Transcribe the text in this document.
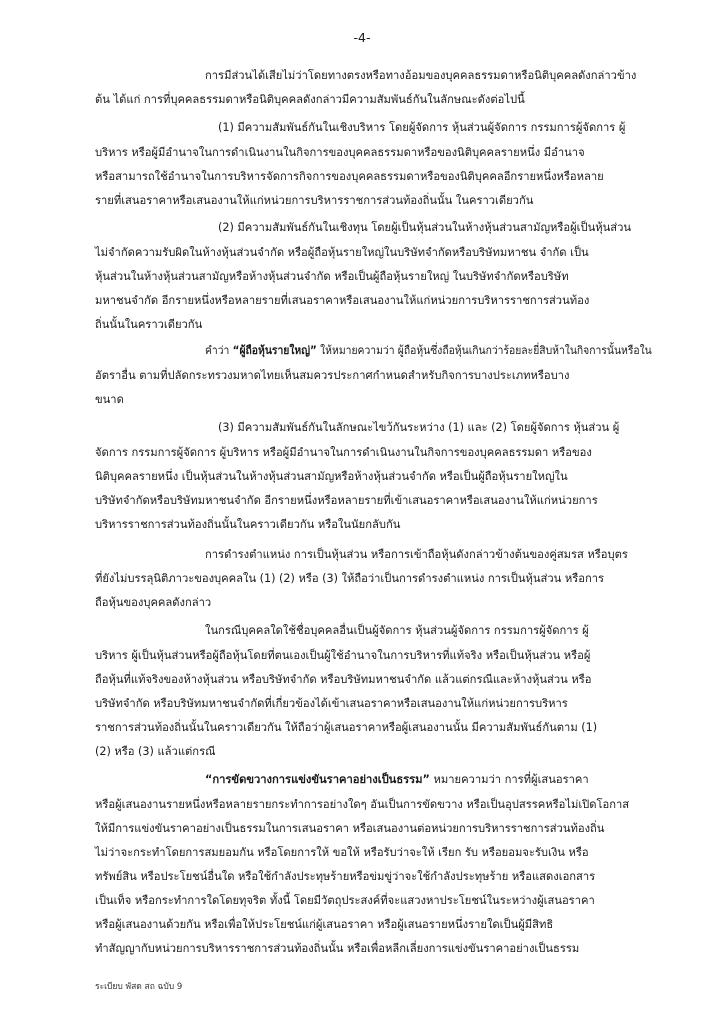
-4-
การมีส่วนได้เสียไม่ว่าโดยทางตรงหรือทางอ้อมของบุคคลธรรมดาหรือนิติบุคคลดังกล่าวข้าง
ต้น ได้แก่ การที่บุคคลธรรมดาหรือนิติบุคคลดังกล่าวมีความสัมพันธ์กันในลักษณะดังต่อไปนี้
(1) มีความสัมพันธ์กันในเชิงบริหาร โดยผู้จัดการ หุ้นส่วนผู้จัดการ กรรมการผู้จัดการ ผู้
บริหาร หรือผู้มีอำนาจในการดำเนินงานในกิจการของบุคคลธรรมดาหรือของนิติบุคคลรายหนึ่ง มีอำนาจ
หรือสามารถใช้อำนาจในการบริหารจัดการกิจการของบุคคลธรรมดาหรือของนิติบุคคลอีกรายหนึ่งหรือหลาย
รายที่เสนอราคาหรือเสนองานให้แก่หน่วยการบริหารราชการส่วนท้องถิ่นนั้น ในคราวเดียวกัน
(2) มีความสัมพันธ์กันในเชิงทุน โดยผู้เป็นหุ้นส่วนในห้างหุ้นส่วนสามัญหรือผู้เป็นหุ้นส่วน
ไม่จำกัดความรับผิดในห้างหุ้นส่วนจำกัด หรือผู้ถือหุ้นรายใหญ่ในบริษัทจำกัดหรือบริษัทมหาชน จำกัด เป็น
หุ้นส่วนในห้างหุ้นส่วนสามัญหรือห้างหุ้นส่วนจำกัด หรือเป็นผู้ถือหุ้นรายใหญ่ ในบริษัทจำกัดหรือบริษัท
มหาชนจำกัด อีกรายหนึ่งหรือหลายรายที่เสนอราคาหรือเสนองานให้แก่หน่วยการบริหารราชการส่วนท้อง
ถิ่นนั้นในคราวเดียวกัน
คำว่า “ผู้ถือหุ้นรายใหญ่” ให้หมายความว่า ผู้ถือหุ้นซึ่งถือหุ้นเกินกว่าร้อยละยี่สิบห้าในกิจการนั้นหรือใน
อัตราอื่น ตามที่ปลัดกระทรวงมหาดไทยเห็นสมควรประกาศกำหนดสำหรับกิจการบางประเภทหรือบาง
ขนาด
(3) มีความสัมพันธ์กันในลักษณะไขว้กันระหว่าง (1) และ (2) โดยผู้จัดการ หุ้นส่วน ผู้
จัดการ กรรมการผู้จัดการ ผู้บริหาร หรือผู้มีอำนาจในการดำเนินงานในกิจการของบุคคลธรรมดา หรือของ
นิติบุคคลรายหนึ่ง เป็นหุ้นส่วนในห้างหุ้นส่วนสามัญหรือห้างหุ้นส่วนจำกัด หรือเป็นผู้ถือหุ้นรายใหญ่ใน
บริษัทจำกัดหรือบริษัทมหาชนจำกัด อีกรายหนึ่งหรือหลายรายที่เข้าเสนอราคาหรือเสนองานให้แก่หน่วยการ
บริหารราชการส่วนท้องถิ่นนั้นในคราวเดียวกัน หรือในนัยกลับกัน
การดำรงตำแหน่ง การเป็นหุ้นส่วน หรือการเข้าถือหุ้นดังกล่าวข้างต้นของคู่สมรส หรือบุตร
ที่ยังไม่บรรลุนิติภาวะของบุคคลใน (1) (2) หรือ (3) ให้ถือว่าเป็นการดำรงตำแหน่ง การเป็นหุ้นส่วน หรือการ
ถือหุ้นของบุคคลดังกล่าว
ในกรณีบุคคลใดใช้ชื่อบุคคลอื่นเป็นผู้จัดการ หุ้นส่วนผู้จัดการ กรรมการผู้จัดการ ผู้
บริหาร ผู้เป็นหุ้นส่วนหรือผู้ถือหุ้นโดยที่ตนเองเป็นผู้ใช้อำนาจในการบริหารที่แท้จริง หรือเป็นหุ้นส่วน หรือผู้
ถือหุ้นที่แท้จริงของห้างหุ้นส่วน หรือบริษัทจำกัด หรือบริษัทมหาชนจำกัด แล้วแต่กรณีและห้างหุ้นส่วน หรือ
บริษัทจำกัด หรือบริษัทมหาชนจำกัดที่เกี่ยวข้องได้เข้าเสนอราคาหรือเสนองานให้แก่หน่วยการบริหาร
ราชการส่วนท้องถิ่นนั้นในคราวเดียวกัน ให้ถือว่าผู้เสนอราคาหรือผู้เสนองานนั้น มีความสัมพันธ์กันตาม (1)
(2) หรือ (3) แล้วแต่กรณี
“การขัดขวางการแข่งขันราคาอย่างเป็นธรรม” หมายความว่า การที่ผู้เสนอราคา
หรือผู้เสนองานรายหนึ่งหรือหลายรายกระทำการอย่างใดๆ อันเป็นการขัดขวาง หรือเป็นอุปสรรคหรือไม่เปิดโอกาส
ให้มีการแข่งขันราคาอย่างเป็นธรรมในการเสนอราคา หรือเสนองานต่อหน่วยการบริหารราชการส่วนท้องถิ่น
ไม่ว่าจะกระทำโดยการสมยอมกัน หรือโดยการให้ ขอให้ หรือรับว่าจะให้ เรียก รับ หรือยอมจะรับเงิน หรือ
ทรัพย์สิน หรือประโยชน์อื่นใด หรือใช้กำลังประทุษร้ายหรือข่มขู่ว่าจะใช้กำลังประทุษร้าย หรือแสดงเอกสาร
เป็นเท็จ หรือกระทำการใดโดยทุจริต ทั้งนี้ โดยมีวัตถุประสงค์ที่จะแสวงหาประโยชน์ในระหว่างผู้เสนอราคา
หรือผู้เสนองานด้วยกัน หรือเพื่อให้ประโยชน์แก่ผู้เสนอราคา หรือผู้เสนอรายหนึ่งรายใดเป็นผู้มีสิทธิ
ทำสัญญากับหน่วยการบริหารราชการส่วนท้องถิ่นนั้น หรือเพื่อหลีกเลี่ยงการแข่งขันราคาอย่างเป็นธรรม
ระเบียบ พัสด สถ ฉบับ 9
